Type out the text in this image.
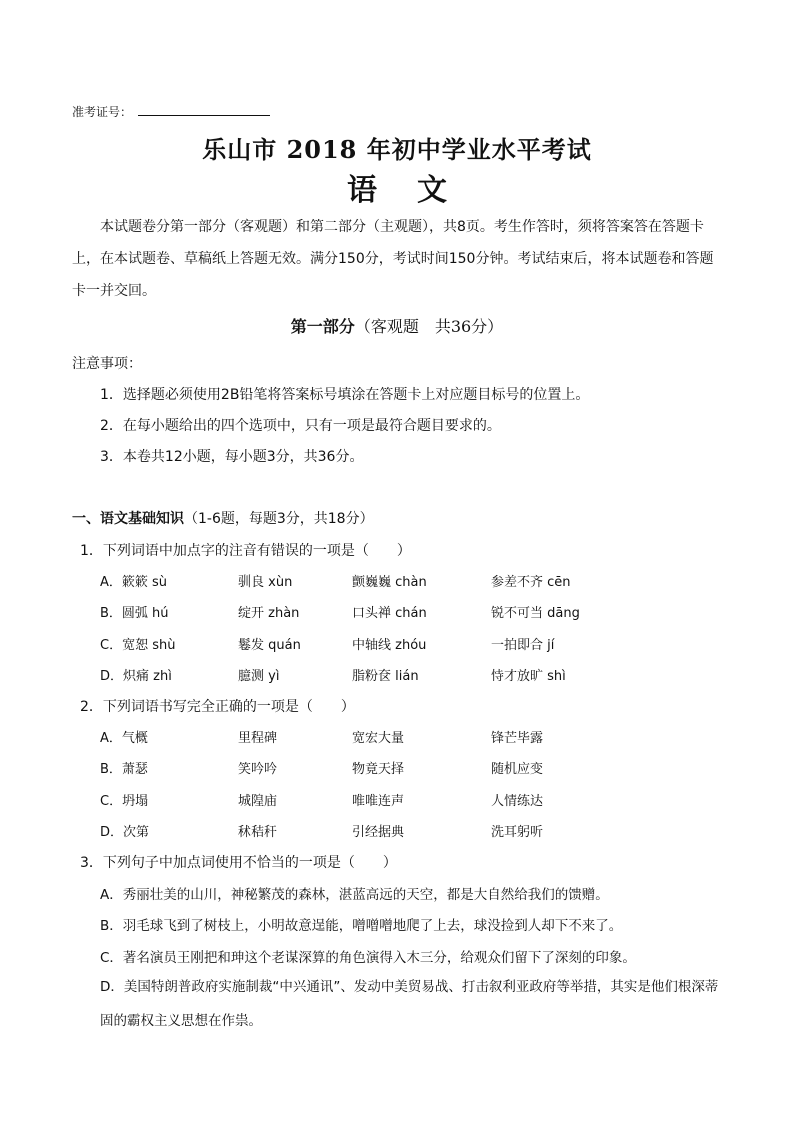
准考证号：
乐山市 2018 年初中学业水平考试
语文
本试题卷分第一部分（客观题）和第二部分（主观题），共8页。考生作答时，须将答案答在答题卡上，在本试题卷、草稿纸上答题无效。满分150分，考试时间150分钟。考试结束后，将本试题卷和答题卡一并交回。
第一部分（客观题　共36分）
注意事项：
1．选择题必须使用2B铅笔将答案标号填涂在答题卡上对应题目标号的位置上。
2．在每小题给出的四个选项中，只有一项是最符合题目要求的。
3．本卷共12小题，每小题3分，共36分。
一、语文基础知识（1-6题，每题3分，共18分）
1．下列词语中加点字的注音有错误的一项是（　　）
A．簌簌 sù	驯良 xùn	颤巍巍 chàn	参差不齐 cēn
B．圆弧 hú	绽开 zhàn	口头禅 chán	锐不可当 dāng
C．宽恕 shù	鬈发 quán	中轴线 zhóu	一拍即合 jí
D．炽痛 zhì	臆测 yì	脂粉奁 lián	恃才放旷 shì
2．下列词语书写完全正确的一项是（　　）
A．气概	里程碑	宽宏大量	锋芒毕露
B．萧瑟	笑吟吟	物竟天择	随机应变
C．坍塌	城隍庙	唯唯连声	人情练达
D．次第	秫秸秆	引经据典	洗耳躬听
3．下列句子中加点词使用不恰当的一项是（　　）
A．秀丽壮美的山川，神秘繁茂的森林，湛蓝高远的天空，都是大自然给我们的馈赠。
B．羽毛球飞到了树枝上，小明故意逞能，噌噌噌地爬了上去，球没捡到人却下不来了。
C．著名演员王刚把和珅这个老谋深算的角色演得入木三分，给观众们留下了深刻的印象。
D．美国特朗普政府实施制裁“中兴通讯”、发动中美贸易战、打击叙利亚政府等举措，其实是他们根深蒂固的霸权主义思想在作祟。
